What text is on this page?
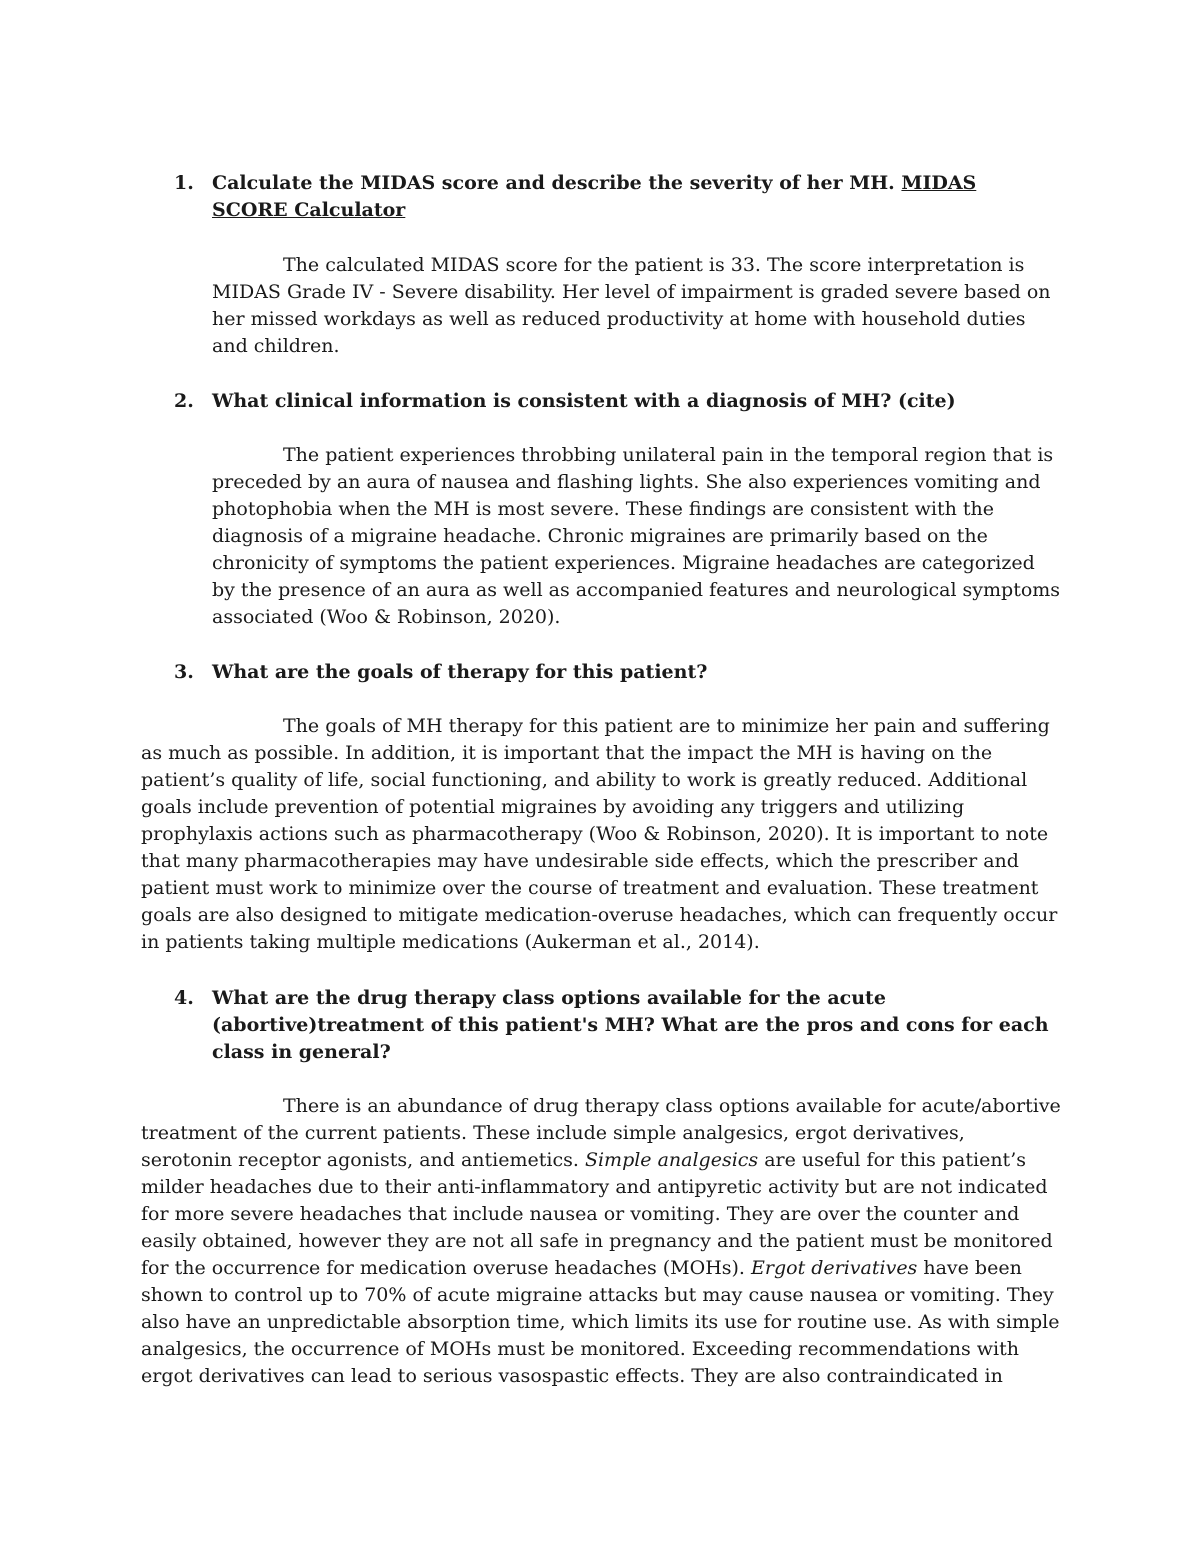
1. Calculate the MIDAS score and describe the severity of her MH. MIDAS SCORE Calculator

The calculated MIDAS score for the patient is 33. The score interpretation is MIDAS Grade IV - Severe disability. Her level of impairment is graded severe based on her missed workdays as well as reduced productivity at home with household duties and children.

2. What clinical information is consistent with a diagnosis of MH? (cite)

The patient experiences throbbing unilateral pain in the temporal region that is preceded by an aura of nausea and flashing lights. She also experiences vomiting and photophobia when the MH is most severe. These findings are consistent with the diagnosis of a migraine headache. Chronic migraines are primarily based on the chronicity of symptoms the patient experiences. Migraine headaches are categorized by the presence of an aura as well as accompanied features and neurological symptoms associated (Woo & Robinson, 2020).

3. What are the goals of therapy for this patient?

The goals of MH therapy for this patient are to minimize her pain and suffering as much as possible. In addition, it is important that the impact the MH is having on the patient’s quality of life, social functioning, and ability to work is greatly reduced. Additional goals include prevention of potential migraines by avoiding any triggers and utilizing prophylaxis actions such as pharmacotherapy (Woo & Robinson, 2020). It is important to note that many pharmacotherapies may have undesirable side effects, which the prescriber and patient must work to minimize over the course of treatment and evaluation. These treatment goals are also designed to mitigate medication-overuse headaches, which can frequently occur in patients taking multiple medications (Aukerman et al., 2014).

4. What are the drug therapy class options available for the acute (abortive)treatment of this patient's MH? What are the pros and cons for each class in general?

There is an abundance of drug therapy class options available for acute/abortive treatment of the current patients. These include simple analgesics, ergot derivatives, serotonin receptor agonists, and antiemetics. Simple analgesics are useful for this patient’s milder headaches due to their anti-inflammatory and antipyretic activity but are not indicated for more severe headaches that include nausea or vomiting. They are over the counter and easily obtained, however they are not all safe in pregnancy and the patient must be monitored for the occurrence for medication overuse headaches (MOHs). Ergot derivatives have been shown to control up to 70% of acute migraine attacks but may cause nausea or vomiting. They also have an unpredictable absorption time, which limits its use for routine use. As with simple analgesics, the occurrence of MOHs must be monitored. Exceeding recommendations with ergot derivatives can lead to serious vasospastic effects. They are also contraindicated in
